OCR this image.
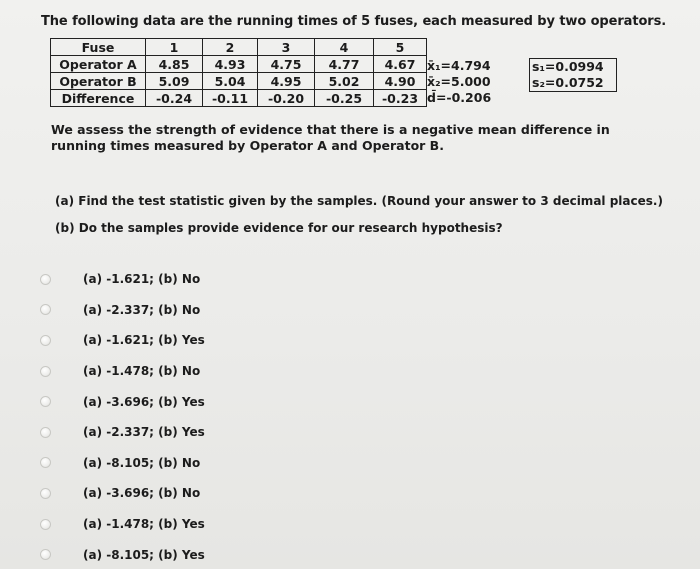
The following data are the running times of 5 fuses, each measured by two operators.
Fuse	1	2	3	4	5
Operator A	4.85	4.93	4.75	4.77	4.67
Operator B	5.09	5.04	4.95	5.02	4.90
Difference	-0.24	-0.11	-0.20	-0.25	-0.23
x̄₁=4.794
x̄₂=5.000
d̄=-0.206
s₁=0.0994
s₂=0.0752
We assess the strength of evidence that there is a negative mean difference in running times measured by Operator A and Operator B.
(a) Find the test statistic given by the samples. (Round your answer to 3 decimal places.)
(b) Do the samples provide evidence for our research hypothesis?
(a) -1.621; (b) No
(a) -2.337; (b) No
(a) -1.621; (b) Yes
(a) -1.478; (b) No
(a) -3.696; (b) Yes
(a) -2.337; (b) Yes
(a) -8.105; (b) No
(a) -3.696; (b) No
(a) -1.478; (b) Yes
(a) -8.105; (b) Yes
